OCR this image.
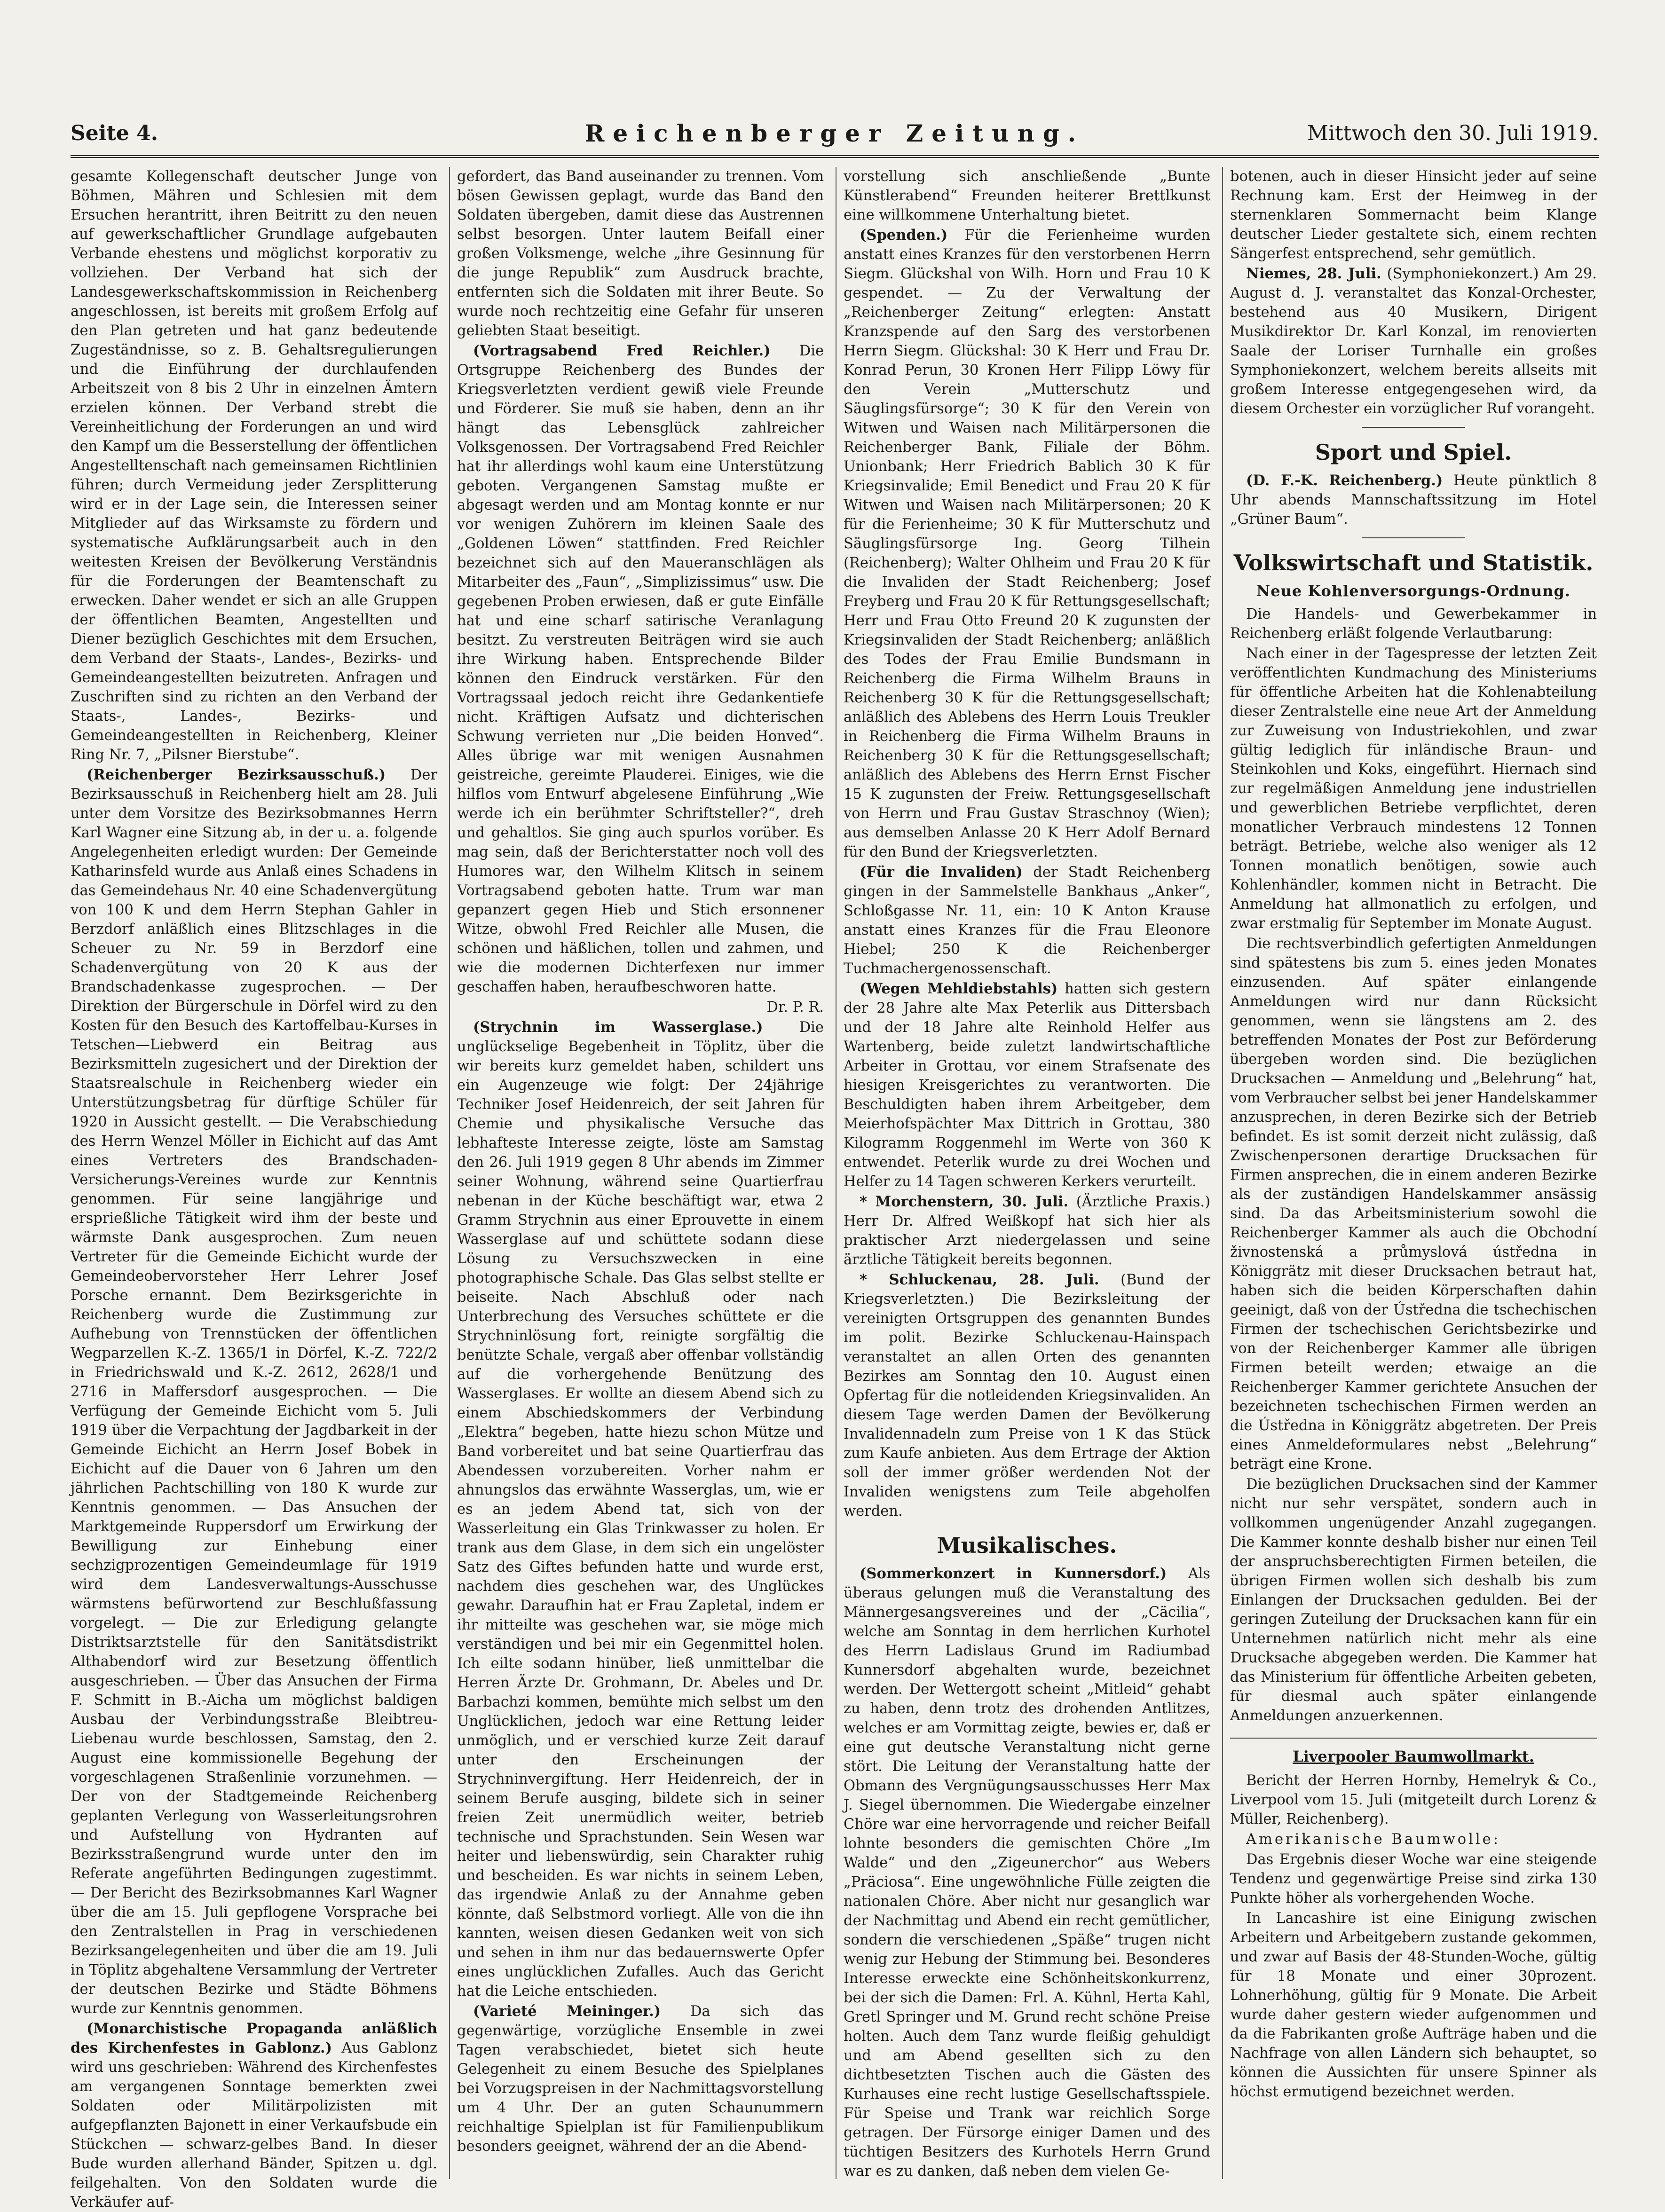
Seite 4.	Reichenberger Zeitung.	Mittwoch den 30. Juli 1919.

gesamte Kollegenschaft deutscher Junge von Böhmen, Mähren und Schlesien mit dem Ersuchen herantritt, ihren Beitritt zu den neuen auf gewerkschaftlicher Grundlage aufgebauten Verbande ehestens und möglichst korporativ zu vollziehen. Der Verband hat sich der Landesgewerkschaftskommission in Reichenberg angeschlossen, ist bereits mit großem Erfolg auf den Plan getreten und hat ganz bedeutende Zugeständnisse, so z. B. Gehaltsregulierungen und die Einführung der durchlaufenden Arbeitszeit von 8 bis 2 Uhr in einzelnen Ämtern erzielen können. Der Verband strebt die Vereinheitlichung der Forderungen an und wird den Kampf um die Besserstellung der öffentlichen Angestelltenschaft nach gemeinsamen Richtlinien führen; durch Vermeidung jeder Zersplitterung wird er in der Lage sein, die Interessen seiner Mitglieder auf das Wirksamste zu fördern und systematische Aufklärungsarbeit auch in den weitesten Kreisen der Bevölkerung Verständnis für die Forderungen der Beamtenschaft zu erwecken. Daher wendet er sich an alle Gruppen der öffentlichen Beamten, Angestellten und Diener bezüglich Geschichtes mit dem Ersuchen, dem Verband der Staats-, Landes-, Bezirks- und Gemeindeangestellten beizutreten. Anfragen und Zuschriften sind zu richten an den Verband der Staats-, Landes-, Bezirks- und Gemeindeangestellten in Reichenberg, Kleiner Ring Nr. 7, „Pilsner Bierstube“.

(Reichenberger Bezirksausschuß.) Der Bezirksausschuß in Reichenberg hielt am 28. Juli unter dem Vorsitze des Bezirksobmannes Herrn Karl Wagner eine Sitzung ab, in der u. a. folgende Angelegenheiten erledigt wurden: Der Gemeinde Katharinsfeld wurde aus Anlaß eines Schadens in das Gemeindehaus Nr. 40 eine Schadenvergütung von 100 K und dem Herrn Stephan Gahler in Berzdorf anläßlich eines Blitzschlages in die Scheuer zu Nr. 59 in Berzdorf eine Schadenvergütung von 20 K aus der Brandschadenkasse zugesprochen. — Der Direktion der Bürgerschule in Dörfel wird zu den Kosten für den Besuch des Kartoffelbau-Kurses in Tetschen—Liebwerd ein Beitrag aus Bezirksmitteln zugesichert und der Direktion der Staatsrealschule in Reichenberg wieder ein Unterstützungsbetrag für dürftige Schüler für 1920 in Aussicht gestellt. — Die Verabschiedung des Herrn Wenzel Möller in Eichicht auf das Amt eines Vertreters des Brandschaden-Versicherungs-Vereines wurde zur Kenntnis genommen. Für seine langjährige und ersprießliche Tätigkeit wird ihm der beste und wärmste Dank ausgesprochen. Zum neuen Vertreter für die Gemeinde Eichicht wurde der Gemeindeobervorsteher Herr Lehrer Josef Porsche ernannt. Dem Bezirksgerichte in Reichenberg wurde die Zustimmung zur Aufhebung von Trennstücken der öffentlichen Wegparzellen K.-Z. 1365/1 in Dörfel, K.-Z. 722/2 in Friedrichswald und K.-Z. 2612, 2628/1 und 2716 in Maffersdorf ausgesprochen. — Die Verfügung der Gemeinde Eichicht vom 5. Juli 1919 über die Verpachtung der Jagdbarkeit in der Gemeinde Eichicht an Herrn Josef Bobek in Eichicht auf die Dauer von 6 Jahren um den jährlichen Pachtschilling von 180 K wurde zur Kenntnis genommen. — Das Ansuchen der Marktgemeinde Ruppersdorf um Erwirkung der Bewilligung zur Einhebung einer sechzigprozentigen Gemeindeumlage für 1919 wird dem Landesverwaltungs-Ausschusse wärmstens befürwortend zur Beschlußfassung vorgelegt. — Die zur Erledigung gelangte Distriktsarztstelle für den Sanitätsdistrikt Althabendorf wird zur Besetzung öffentlich ausgeschrieben. — Über das Ansuchen der Firma F. Schmitt in B.-Aicha um möglichst baldigen Ausbau der Verbindungsstraße Bleibtreu-Liebenau wurde beschlossen, Samstag, den 2. August eine kommissionelle Begehung der vorgeschlagenen Straßenlinie vorzunehmen. — Der von der Stadtgemeinde Reichenberg geplanten Verlegung von Wasserleitungsrohren und Aufstellung von Hydranten auf Bezirksstraßengrund wurde unter den im Referate angeführten Bedingungen zugestimmt. — Der Bericht des Bezirksobmannes Karl Wagner über die am 15. Juli gepflogene Vorsprache bei den Zentralstellen in Prag in verschiedenen Bezirksangelegenheiten und über die am 19. Juli in Töplitz abgehaltene Versammlung der Vertreter der deutschen Bezirke und Städte Böhmens wurde zur Kenntnis genommen.

(Monarchistische Propaganda anläßlich des Kirchenfestes in Gablonz.) Aus Gablonz wird uns geschrieben: Während des Kirchenfestes am vergangenen Sonntage bemerkten zwei Soldaten oder Militärpolizisten mit aufgepflanzten Bajonett in einer Verkaufsbude ein Stückchen — schwarz-gelbes Band. In dieser Bude wurden allerhand Bänder, Spitzen u. dgl. feilgehalten. Von den Soldaten wurde die Verkäufer auf-

gefordert, das Band auseinander zu trennen. Vom bösen Gewissen geplagt, wurde das Band den Soldaten übergeben, damit diese das Austrennen selbst besorgen. Unter lautem Beifall einer großen Volksmenge, welche „ihre Gesinnung für die junge Republik“ zum Ausdruck brachte, entfernten sich die Soldaten mit ihrer Beute. So wurde noch rechtzeitig eine Gefahr für unseren geliebten Staat beseitigt.

(Vortragsabend Fred Reichler.) Die Ortsgruppe Reichenberg des Bundes der Kriegsverletzten verdient gewiß viele Freunde und Förderer. Sie muß sie haben, denn an ihr hängt das Lebensglück zahlreicher Volksgenossen. Der Vortragsabend Fred Reichler hat ihr allerdings wohl kaum eine Unterstützung geboten. Vergangenen Samstag mußte er abgesagt werden und am Montag konnte er nur vor wenigen Zuhörern im kleinen Saale des „Goldenen Löwen“ stattfinden. Fred Reichler bezeichnet sich auf den Maueranschlägen als Mitarbeiter des „Faun“, „Simplizissimus“ usw. Die gegebenen Proben erwiesen, daß er gute Einfälle hat und eine scharf satirische Veranlagung besitzt. Zu verstreuten Beiträgen wird sie auch ihre Wirkung haben. Entsprechende Bilder können den Eindruck verstärken. Für den Vortragssaal jedoch reicht ihre Gedankentiefe nicht. Kräftigen Aufsatz und dichterischen Schwung verrieten nur „Die beiden Honved“. Alles übrige war mit wenigen Ausnahmen geistreiche, gereimte Plauderei. Einiges, wie die hilflos vom Entwurf abgelesene Einführung „Wie werde ich ein berühmter Schriftsteller?“, dreh und gehaltlos. Sie ging auch spurlos vorüber. Es mag sein, daß der Berichterstatter noch voll des Humores war, den Wilhelm Klitsch in seinem Vortragsabend geboten hatte. Trum war man gepanzert gegen Hieb und Stich ersonnener Witze, obwohl Fred Reichler alle Musen, die schönen und häßlichen, tollen und zahmen, und wie die modernen Dichterfexen nur immer geschaffen haben, heraufbeschworen hatte.

Dr. P. R.

(Strychnin im Wasserglase.)	Die unglückselige Begebenheit in Töplitz, über die wir bereits kurz gemeldet haben, schildert uns ein Augenzeuge wie folgt: Der 24jährige Techniker Josef Heidenreich, der seit Jahren für Chemie und physikalische Versuche das lebhafteste Interesse zeigte, löste am Samstag den 26. Juli 1919 gegen 8 Uhr abends im Zimmer seiner Wohnung, während seine Quartierfrau nebenan in der Küche beschäftigt war, etwa 2 Gramm Strychnin aus einer Eprouvette in einem Wasserglase auf und schüttete sodann diese Lösung zu Versuchszwecken in eine photographische Schale. Das Glas selbst stellte er beiseite. Nach Abschluß oder nach Unterbrechung des Versuches schüttete er die Strychninlösung fort, reinigte sorgfältig die benützte Schale, vergaß aber offenbar vollständig auf die vorhergehende Benützung des Wasserglases. Er wollte an diesem Abend sich zu einem Abschiedskommers der Verbindung „Elektra“ begeben, hatte hiezu schon Mütze und Band vorbereitet und bat seine Quartierfrau das Abendessen vorzubereiten. Vorher nahm er ahnungslos das erwähnte Wasserglas, um, wie er es an jedem Abend tat, sich von der Wasserleitung ein Glas Trinkwasser zu holen. Er trank aus dem Glase, in dem sich ein ungelöster Satz des Giftes befunden hatte und wurde erst, nachdem dies geschehen war, des Unglückes gewahr. Daraufhin hat er Frau Zapletal, indem er ihr mitteilte was geschehen war, sie möge mich verständigen und bei mir ein Gegenmittel holen. Ich eilte sodann hinüber, ließ unmittelbar die Herren Ärzte Dr. Grohmann, Dr. Abeles und Dr. Barbachzi kommen, bemühte mich selbst um den Unglücklichen, jedoch war eine Rettung leider unmöglich, und er verschied kurze Zeit darauf unter den Erscheinungen der Strychninvergiftung. Herr Heidenreich, der in seinem Berufe ausging, bildete sich in seiner freien Zeit unermüdlich weiter, betrieb technische und Sprachstunden. Sein Wesen war heiter und liebenswürdig, sein Charakter ruhig und bescheiden. Es war nichts in seinem Leben, das irgendwie Anlaß zu der Annahme geben könnte, daß Selbstmord vorliegt. Alle von die ihn kannten, weisen diesen Gedanken weit von sich und sehen in ihm nur das bedauernswerte Opfer eines unglücklichen Zufalles. Auch das Gericht hat die Leiche entschieden.

(Varieté Meininger.) Da sich das gegenwärtige, vorzügliche Ensemble in zwei Tagen verabschiedet, bietet sich heute Gelegenheit zu einem Besuche des Spielplanes bei Vorzugspreisen in der Nachmittagsvorstellung um 4 Uhr. Der an guten Schaunummern reichhaltige Spielplan ist für Familienpublikum besonders geeignet, während der an die Abend-

vorstellung sich anschließende „Bunte Künstlerabend“ Freunden heiterer Brettlkunst eine willkommene Unterhaltung bietet.

(Spenden.) Für die Ferienheime wurden anstatt eines Kranzes für den verstorbenen Herrn Siegm. Glückshal von Wilh. Horn und Frau 10 K gespendet. — Zu der Verwaltung der „Reichenberger Zeitung“ erlegten: Anstatt Kranzspende auf den Sarg des verstorbenen Herrn Siegm. Glückshal: 30 K Herr und Frau Dr. Konrad Perun, 30 Kronen Herr Filipp Löwy für den Verein „Mutterschutz und Säuglingsfürsorge“; 30 K für den Verein von Witwen und Waisen nach Militärpersonen die Reichenberger Bank, Filiale der Böhm. Unionbank; Herr Friedrich Bablich 30 K für Kriegsinvalide; Emil Benedict und Frau 20 K für Witwen und Waisen nach Militärpersonen; 20 K für die Ferienheime; 30 K für Mutterschutz und Säuglingsfürsorge Ing. Georg Tilhein (Reichenberg); Walter Ohlheim und Frau 20 K für die Invaliden der Stadt Reichenberg; Josef Freyberg und Frau 20 K für Rettungsgesellschaft; Herr und Frau Otto Freund 20 K zugunsten der Kriegsinvaliden der Stadt Reichenberg; anläßlich des Todes der Frau Emilie Bundsmann in Reichenberg die Firma Wilhelm Brauns in Reichenberg 30 K für die Rettungsgesellschaft; anläßlich des Ablebens des Herrn Louis Treukler in Reichenberg die Firma Wilhelm Brauns in Reichenberg 30 K für die Rettungsgesellschaft; anläßlich des Ablebens des Herrn Ernst Fischer 15 K zugunsten der Freiw. Rettungsgesellschaft von Herrn und Frau Gustav Straschnoy (Wien); aus demselben Anlasse 20 K Herr Adolf Bernard für den Bund der Kriegsverletzten.

(Für die Invaliden) der Stadt Reichenberg gingen in der Sammelstelle Bankhaus „Anker“, Schloßgasse Nr. 11, ein: 10 K Anton Krause anstatt eines Kranzes für die Frau Eleonore Hiebel; 250 K die Reichenberger Tuchmachergenossenschaft.

(Wegen Mehldiebstahls) hatten sich gestern der 28 Jahre alte Max Peterlik aus Dittersbach und der 18 Jahre alte Reinhold Helfer aus Wartenberg, beide zuletzt landwirtschaftliche Arbeiter in Grottau, vor einem Strafsenate des hiesigen Kreisgerichtes zu verantworten. Die Beschuldigten haben ihrem Arbeitgeber, dem Meierhofspächter Max Dittrich in Grottau, 380 Kilogramm Roggenmehl im Werte von 360 K entwendet. Peterlik wurde zu drei Wochen und Helfer zu 14 Tagen schweren Kerkers verurteilt.

* Morchenstern, 30. Juli. (Ärztliche Praxis.) Herr Dr. Alfred Weißkopf hat sich hier als praktischer Arzt niedergelassen und seine ärztliche Tätigkeit bereits begonnen.

* Schluckenau, 28. Juli. (Bund der Kriegsverletzten.) Die Bezirksleitung der vereinigten Ortsgruppen des genannten Bundes im polit. Bezirke Schluckenau-Hainspach veranstaltet an allen Orten des genannten Bezirkes am Sonntag den 10. August einen Opfertag für die notleidenden Kriegsinvaliden. An diesem Tage werden Damen der Bevölkerung Invalidennadeln zum Preise von 1 K das Stück zum Kaufe anbieten. Aus dem Ertrage der Aktion soll der immer größer werdenden Not der Invaliden wenigstens zum Teile abgeholfen werden.

Musikalisches.

(Sommerkonzert in Kunnersdorf.) Als überaus gelungen muß die Veranstaltung des Männergesangsvereines und der „Cäcilia“, welche am Sonntag in dem herrlichen Kurhotel des Herrn Ladislaus Grund im Radiumbad Kunnersdorf abgehalten wurde, bezeichnet werden. Der Wettergott scheint „Mitleid“ gehabt zu haben, denn trotz des drohenden Antlitzes, welches er am Vormittag zeigte, bewies er, daß er eine gut deutsche Veranstaltung nicht gerne stört. Die Leitung der Veranstaltung hatte der Obmann des Vergnügungsausschusses Herr Max J. Siegel übernommen. Die Wiedergabe einzelner Chöre war eine hervorragende und reicher Beifall lohnte besonders die gemischten Chöre „Im Walde“ und den „Zigeunerchor“ aus Webers „Präciosa“. Eine ungewöhnliche Fülle zeigten die nationalen Chöre. Aber nicht nur gesanglich war der Nachmittag und Abend ein recht gemütlicher, sondern die verschiedenen „Späße“ trugen nicht wenig zur Hebung der Stimmung bei. Besonderes Interesse erweckte eine Schönheitskonkurrenz, bei der sich die Damen: Frl. A. Kühnl, Herta Kahl, Gretl Springer und M. Grund recht schöne Preise holten. Auch dem Tanz wurde fleißig gehuldigt und am Abend gesellten sich zu den dichtbesetzten Tischen auch die Gästen des Kurhauses eine recht lustige Gesellschaftsspiele. Für Speise und Trank war reichlich Sorge getragen. Der Fürsorge einiger Damen und des tüchtigen Besitzers des Kurhotels Herrn Grund war es zu danken, daß neben dem vielen Ge-

botenen, auch in dieser Hinsicht jeder auf seine Rechnung kam. Erst der Heimweg in der sternenklaren Sommernacht beim Klange deutscher Lieder gestaltete sich, einem rechten Sängerfest entsprechend, sehr gemütlich.

Niemes, 28. Juli. (Symphoniekonzert.) Am 29. August d. J. veranstaltet das Konzal-Orchester, bestehend aus 40 Musikern, Dirigent Musikdirektor Dr. Karl Konzal, im renovierten Saale der Loriser Turnhalle ein großes Symphoniekonzert, welchem bereits allseits mit großem Interesse entgegengesehen wird, da diesem Orchester ein vorzüglicher Ruf vorangeht.

Sport und Spiel.

(D. F.-K. Reichenberg.) Heute pünktlich 8 Uhr abends Mannschaftssitzung im Hotel „Grüner Baum“.

Volkswirtschaft und Statistik.
Neue Kohlenversorgungs-Ordnung.

Die Handels- und Gewerbekammer in Reichenberg erläßt folgende Verlautbarung:

Nach einer in der Tagespresse der letzten Zeit veröffentlichten Kundmachung des Ministeriums für öffentliche Arbeiten hat die Kohlenabteilung dieser Zentralstelle eine neue Art der Anmeldung zur Zuweisung von Industriekohlen, und zwar gültig lediglich für inländische Braun- und Steinkohlen und Koks, eingeführt. Hiernach sind zur regelmäßigen Anmeldung jene industriellen und gewerblichen Betriebe verpflichtet, deren monatlicher Verbrauch mindestens 12 Tonnen beträgt. Betriebe, welche also weniger als 12 Tonnen monatlich benötigen, sowie auch Kohlenhändler, kommen nicht in Betracht. Die Anmeldung hat allmonatlich zu erfolgen, und zwar erstmalig für September im Monate August.

Die rechtsverbindlich gefertigten Anmeldungen sind spätestens bis zum 5. eines jeden Monates einzusenden. Auf später einlangende Anmeldungen wird nur dann Rücksicht genommen, wenn sie längstens am 2. des betreffenden Monates der Post zur Beförderung übergeben worden sind. Die bezüglichen Drucksachen — Anmeldung und „Belehrung“ hat, vom Verbraucher selbst bei jener Handelskammer anzusprechen, in deren Bezirke sich der Betrieb befindet. Es ist somit derzeit nicht zulässig, daß Zwischenpersonen derartige Drucksachen für Firmen ansprechen, die in einem anderen Bezirke als der zuständigen Handelskammer ansässig sind. Da das Arbeitsministerium sowohl die Reichenberger Kammer als auch die Obchodní živnostenská a průmyslová ústředna in Königgrätz mit dieser Drucksachen betraut hat, haben sich die beiden Körperschaften dahin geeinigt, daß von der Ústředna die tschechischen Firmen der tschechischen Gerichtsbezirke und von der Reichenberger Kammer alle übrigen Firmen beteilt werden; etwaige an die Reichenberger Kammer gerichtete Ansuchen der bezeichneten tschechischen Firmen werden an die Ústředna in Königgrätz abgetreten. Der Preis eines Anmeldeformulares nebst „Belehrung“ beträgt eine Krone.

Die bezüglichen Drucksachen sind der Kammer nicht nur sehr verspätet, sondern auch in vollkommen ungenügender Anzahl zugegangen. Die Kammer konnte deshalb bisher nur einen Teil der anspruchsberechtigten Firmen beteilen, die übrigen Firmen wollen sich deshalb bis zum Einlangen der Drucksachen gedulden. Bei der geringen Zuteilung der Drucksachen kann für ein Unternehmen natürlich nicht mehr als eine Drucksache abgegeben werden. Die Kammer hat das Ministerium für öffentliche Arbeiten gebeten, für diesmal auch später einlangende Anmeldungen anzuerkennen.

Liverpooler Baumwollmarkt.

Bericht der Herren Hornby, Hemelryk & Co., Liverpool vom 15. Juli (mitgeteilt durch Lorenz & Müller, Reichenberg).

Amerikanische Baumwolle:

Das Ergebnis dieser Woche war eine steigende Tendenz und gegenwärtige Preise sind zirka 130 Punkte höher als vorhergehenden Woche.

In Lancashire ist eine Einigung zwischen Arbeitern und Arbeitgebern zustande gekommen, und zwar auf Basis der 48-Stunden-Woche, gültig für 18 Monate und einer 30prozent. Lohnerhöhung, gültig für 9 Monate. Die Arbeit wurde daher gestern wieder aufgenommen und da die Fabrikanten große Aufträge haben und die Nachfrage von allen Ländern sich behauptet, so können die Aussichten für unsere Spinner als höchst ermutigend bezeichnet werden.
